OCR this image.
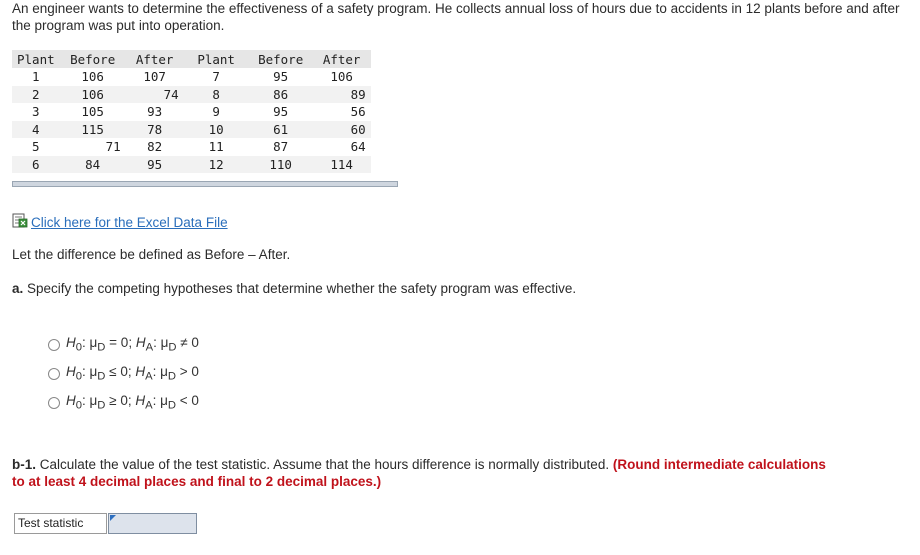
An engineer wants to determine the effectiveness of a safety program. He collects annual loss of hours due to accidents in 12 plants before and after the program was put into operation.

Plant	Before	After	Plant	Before	After
1	106	107	7	95	106
2	106	74	8	86	89
3	105	93	9	95	56
4	115	78	10	61	60
5	71	82	11	87	64
6	84	95	12	110	114
Click here for the Excel Data File
Let the difference be defined as Before – After.
a. Specify the competing hypotheses that determine whether the safety program was effective.
$H_0$: $\mu_D = 0$; $H_A$: $\mu_D \ne 0$
$H_0$: $\mu_D \le 0$; $H_A$: $\mu_D > 0$
$H_0$: $\mu_D \ge 0$; $H_A$: $\mu_D < 0$
b-1. Calculate the value of the test statistic. Assume that the hours difference is normally distributed. (Round intermediate calculations
to at least 4 decimal places and final to 2 decimal places.)
Test statistic
